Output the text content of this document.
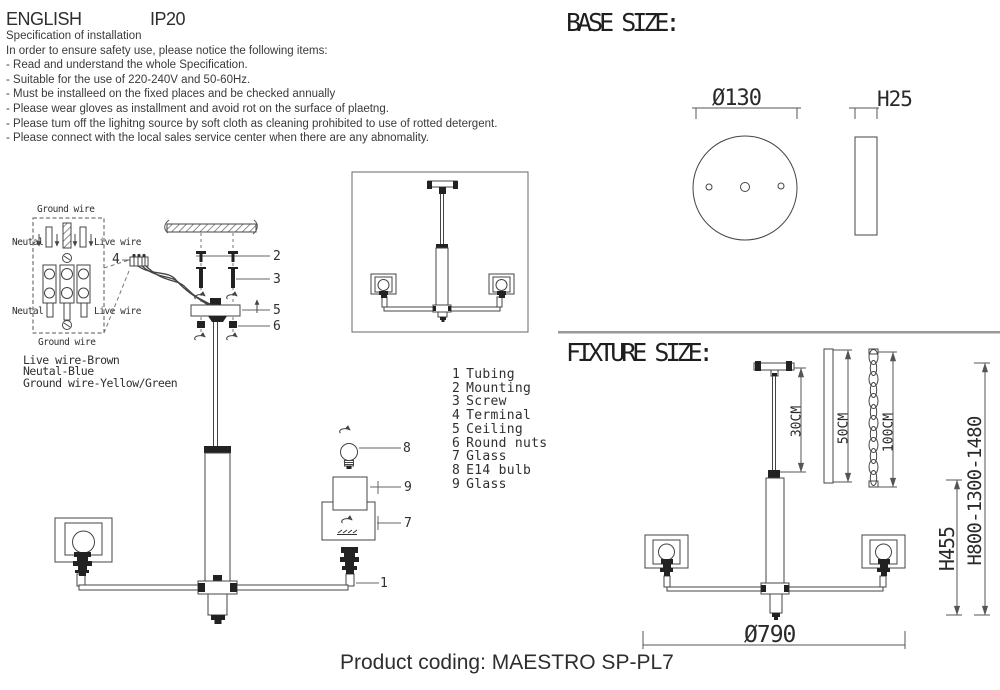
ENGLISH	IP20
Specification of installation
In order to ensure safety use, please notice the following items:
- Read and understand the whole Specification.
- Suitable for the use of 220-240V and 50-60Hz.
- Must be installeed on the fixed places and be checked annually
- Please wear gloves as installment and avoid rot on the surface of plaetng.
- Please tum off the lighitng source by soft cloth as cleaning prohibited to use of rotted detergent.
- Please connect with the local sales service center when there are any abnomality.
Ground wire
Neutal	Live wire
Neutal	Live wire
Ground wire
Live wire-Brown
Neutal-Blue
Ground wire-Yellow/Green
4	2
3
5
6
8
9
7
1
1 Tubing
2 Mounting
3 Screw
4 Terminal
5 Ceiling
6 Round nuts
7 Glass
8 E14 bulb
9 Glass
BASE SIZE:
Ø130	H25
FIXTURE SIZE:
30CM 50CM 100CM
H455 H800-1300-1480
Ø790
Product coding: MAESTRO SP-PL7
